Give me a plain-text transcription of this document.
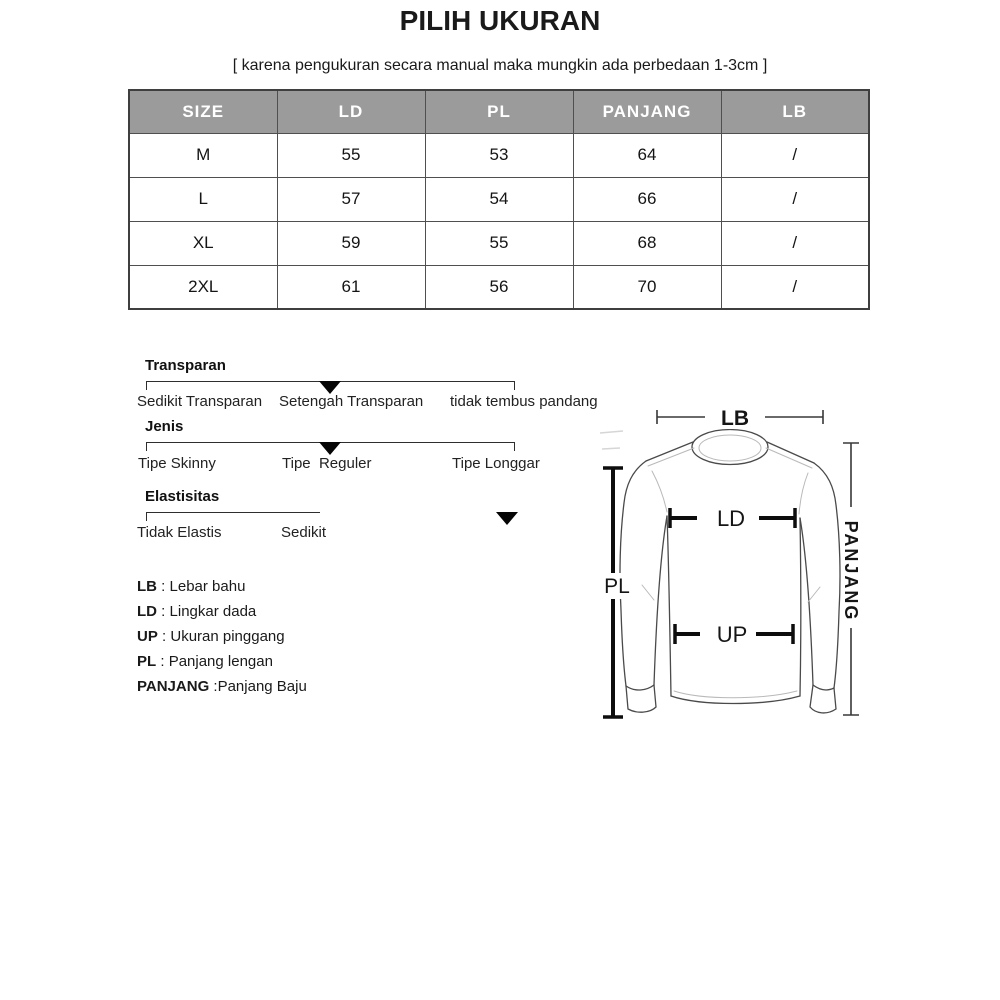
PILIH UKURAN
[ karena pengukuran secara manual maka mungkin ada perbedaan 1-3cm ]
SIZE	LD	PL	PANJANG	LB
M	55	53	64	/
L	57	54	66	/
XL	59	55	68	/
2XL	61	56	70	/
Transparan
Sedikit Transparan Setengah Transparan tidak tembus pandang
Jenis
Tipe Skinny	Tipe  Reguler	Tipe Longgar
Elastisitas
Tidak Elastis	Sedikit
LB : Lebar bahu
LD : Lingkar dada
UP : Ukuran pinggang
PL : Panjang lengan
PANJANG :Panjang Baju
LB
PL
LD
UP
PANJANG
